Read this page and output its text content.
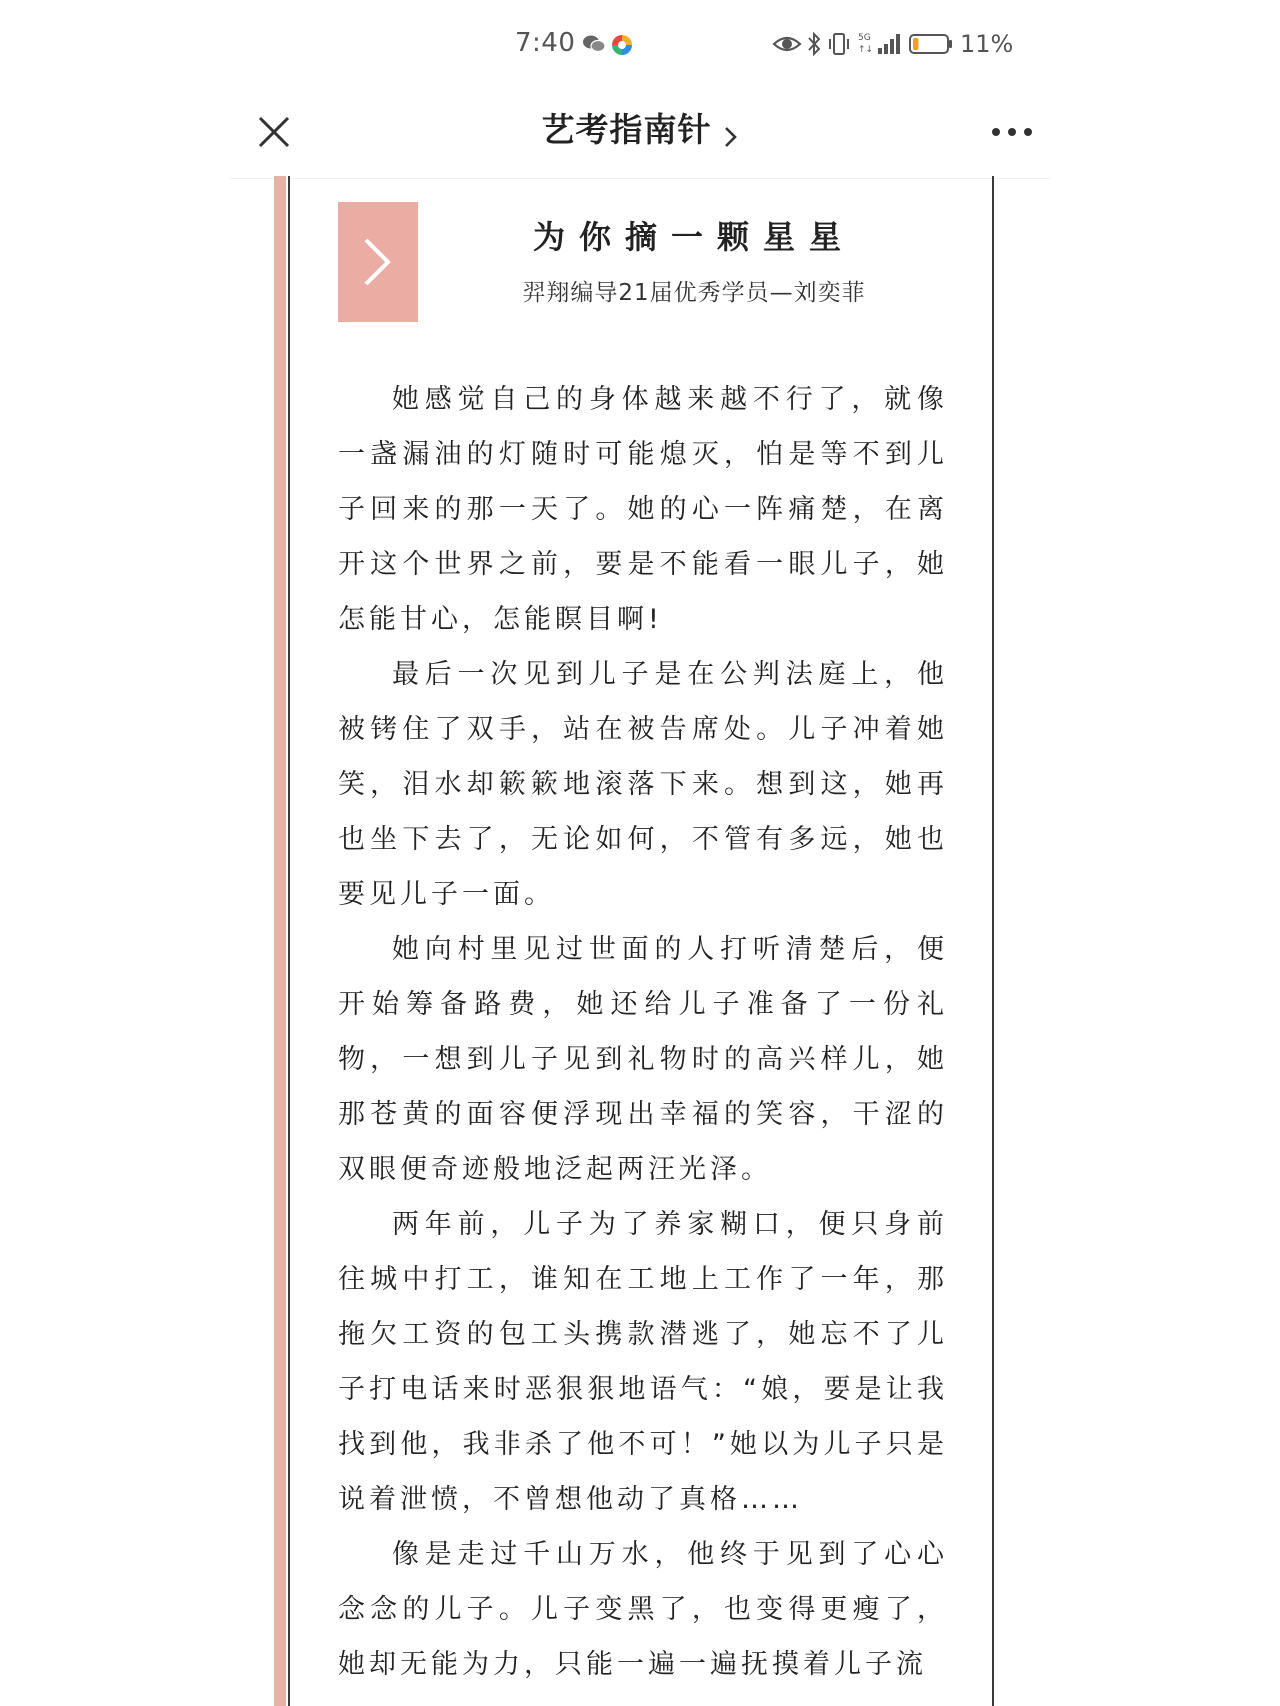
7:40	5G
↑↓	11%
艺考指南针
为你摘一颗星星
羿翔编导21届优秀学员—刘奕菲

她感觉自己的身体越来越不行了，就像一盏漏油的灯随时可能熄灭，怕是等不到儿子回来的那一天了。她的心一阵痛楚，在离开这个世界之前，要是不能看一眼儿子，她怎能甘心，怎能瞑目啊!

最后一次见到儿子是在公判法庭上，他被铐住了双手，站在被告席处。儿子冲着她笑，泪水却簌簌地滚落下来。想到这，她再也坐下去了，无论如何，不管有多远，她也要见儿子一面。

她向村里见过世面的人打听清楚后，便开始筹备路费，她还给儿子准备了一份礼物，一想到儿子见到礼物时的高兴样儿，她那苍黄的面容便浮现出幸福的笑容，干涩的双眼便奇迹般地泛起两汪光泽。

两年前，儿子为了养家糊口，便只身前往城中打工，谁知在工地上工作了一年，那拖欠工资的包工头携款潜逃了，她忘不了儿子打电话来时恶狠狠地语气：“娘，要是让我找到他，我非杀了他不可！”她以为儿子只是说着泄愤，不曾想他动了真格……

像是走过千山万水，他终于见到了心心念念的儿子。儿子变黑了，也变得更瘦了，她却无能为力，只能一遍一遍抚摸着儿子流
